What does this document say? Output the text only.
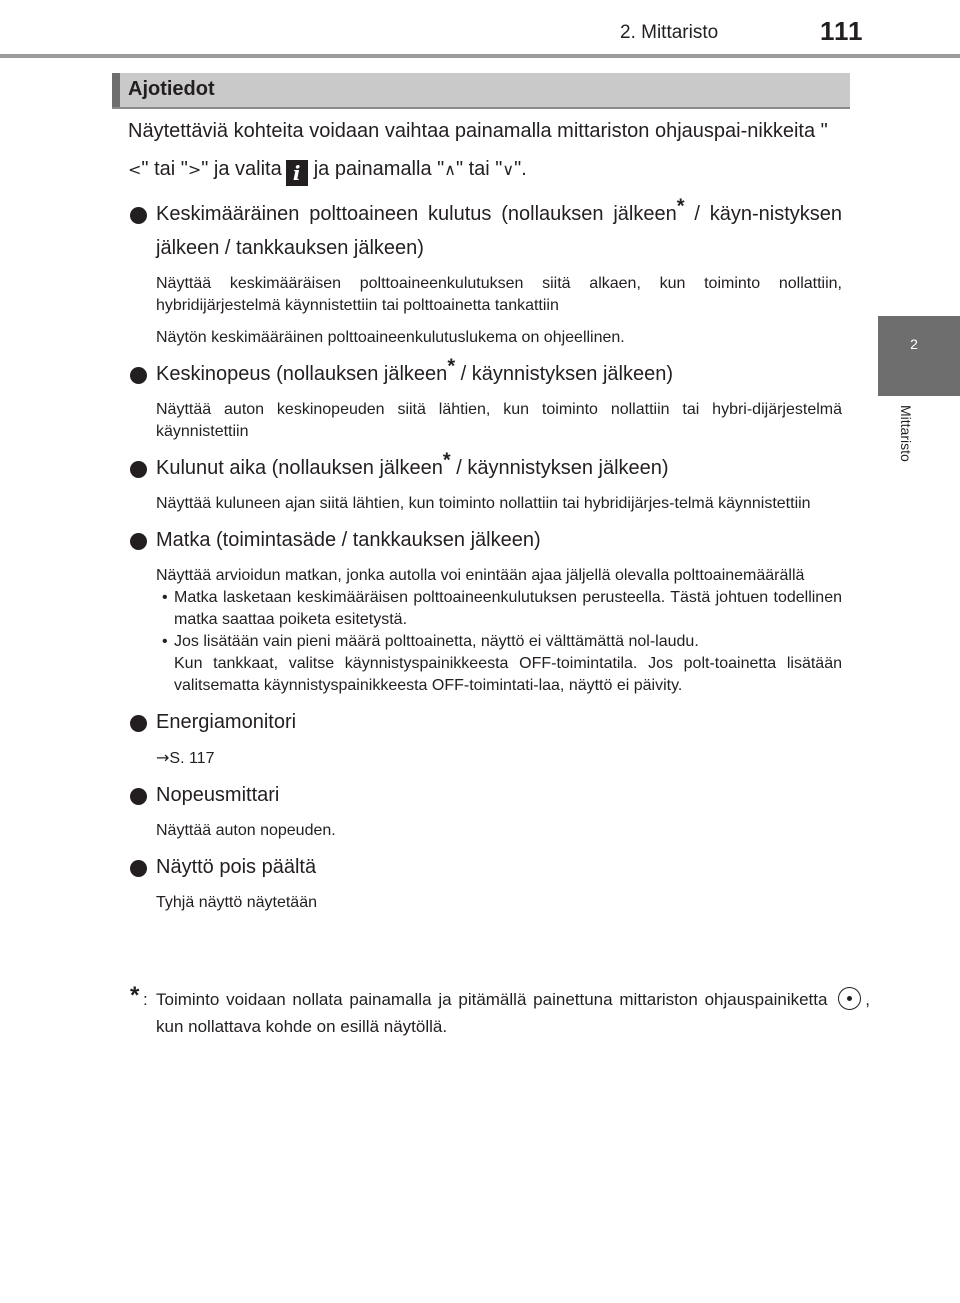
2. Mittaristo	111
2
Mittaristo
Ajotiedot

Näytettäviä kohteita voidaan vaihtaa painamalla mittariston ohjauspai-nikkeita "<" tai ">" ja valita i ja painamalla "∧" tai "∨".

Keskimääräinen polttoaineen kulutus (nollauksen jälkeen* / käyn-nistyksen jälkeen / tankkauksen jälkeen)

Näyttää keskimääräisen polttoaineenkulutuksen siitä alkaen, kun toiminto nollattiin, hybridijärjestelmä käynnistettiin tai polttoainetta tankattiin

Näytön keskimääräinen polttoaineenkulutuslukema on ohjeellinen.

Keskinopeus (nollauksen jälkeen* / käynnistyksen jälkeen)

Näyttää auton keskinopeuden siitä lähtien, kun toiminto nollattiin tai hybri-dijärjestelmä käynnistettiin

Kulunut aika (nollauksen jälkeen* / käynnistyksen jälkeen)

Näyttää kuluneen ajan siitä lähtien, kun toiminto nollattiin tai hybridijärjes-telmä käynnistettiin

Matka (toimintasäde / tankkauksen jälkeen)

Näyttää arvioidun matkan, jonka autolla voi enintään ajaa jäljellä olevalla polttoainemäärällä

• Matka lasketaan keskimääräisen polttoaineenkulutuksen perusteella. Tästä johtuen todellinen matka saattaa poiketa esitetystä.
• Jos lisätään vain pieni määrä polttoainetta, näyttö ei välttämättä nol-laudu.
Kun tankkaat, valitse käynnistyspainikkeesta OFF-toimintatila. Jos polt-toainetta lisätään valitsematta käynnistyspainikkeesta OFF-toimintati-laa, näyttö ei päivity.
Energiamonitori

→S. 117

Nopeusmittari

Näyttää auton nopeuden.

Näyttö pois päältä

Tyhjä näyttö näytetään

* : Toiminto voidaan nollata painamalla ja pitämällä painettuna mittariston ohjauspainiketta , kun nollattava kohde on esillä näytöllä.
